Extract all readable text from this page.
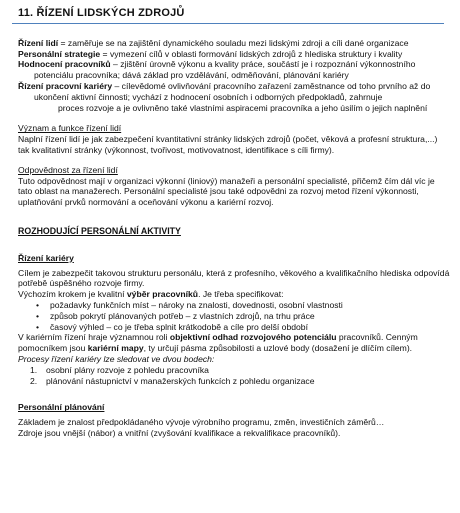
11. ŘÍZENÍ LIDSKÝCH ZDROJŮ

Řízení lidí = zaměřuje se na zajištění dynamického souladu mezi lidskými zdroji a cíli dané organizace

Personální strategie = vymezení cílů v oblasti formování lidských zdrojů z hlediska struktury i kvality

Hodnocení pracovníků – zjištění úrovně výkonu a kvality práce, součástí je i rozpoznání výkonnostního potenciálu pracovníka; dává základ pro vzdělávání, odměňování, plánování kariéry

Řízení pracovní kariéry – cílevědomé ovlivňování pracovního zařazení zaměstnance od toho prvního až do ukončení aktivní činnosti; vychází z hodnocení osobních i odborných předpokladů, zahrnuje

proces rozvoje a je ovlivněno také vlastními aspiracemi pracovníka a jeho úsilím o jejich naplnění

Význam a funkce řízení lidí

Naplní řízení lidí je jak zabezpečení kvantitativní stránky lidských zdrojů (počet, věková a profesní struktura,...) tak kvalitativní stránky (výkonnost, tvořivost, motivovatnost, identifikace s cíli firmy).

Odpovědnost za řízení lidí

Tuto odpovědnost mají v organizaci výkonní (liniový) manažeři a personální specialisté, přičemž čím dál víc je tato oblast na manažerech. Personální specialisté jsou také odpovědni za rozvoj metod řízení výkonnosti, uplatňování prvků normování a oceňování výkonu a kariérní rozvoj.

ROZHODUJÍCÍ PERSONÁLNÍ AKTIVITY

Řízení kariéry

Cílem je zabezpečit takovou strukturu personálu, která z profesního, věkového a kvalifikačního hlediska odpovídá potřebě úspěšného rozvoje firmy.

Výchozím krokem je kvalitní výběr pracovníků. Je třeba specifikovat:

• požadavky funkčních míst – nároky na znalosti, dovednosti, osobní vlastnosti
• způsob pokrytí plánovaných potřeb – z vlastních zdrojů, na trhu práce
• časový výhled – co je třeba splnit krátkodobě a cíle pro delší období

V kariérním řízení hraje významnou roli objektivní odhad rozvojového potenciálu pracovníků. Cenným pomocníkem jsou kariérní mapy, ty určují pásma způsobilosti a uzlové body (dosažení je dlíčím cílem).

Procesy řízení kariéry lze sledovat ve dvou bodech:

1. osobní plány rozvoje z pohledu pracovníka
2. plánování nástupnictví v manažerských funkcích z pohledu organizace

Personální plánování

Základem je znalost předpokládaného vývoje výrobního programu, změn, investičních záměrů…

Zdroje jsou vnější (nábor) a vnitřní (zvyšování kvalifikace a rekvalifikace pracovníků).
